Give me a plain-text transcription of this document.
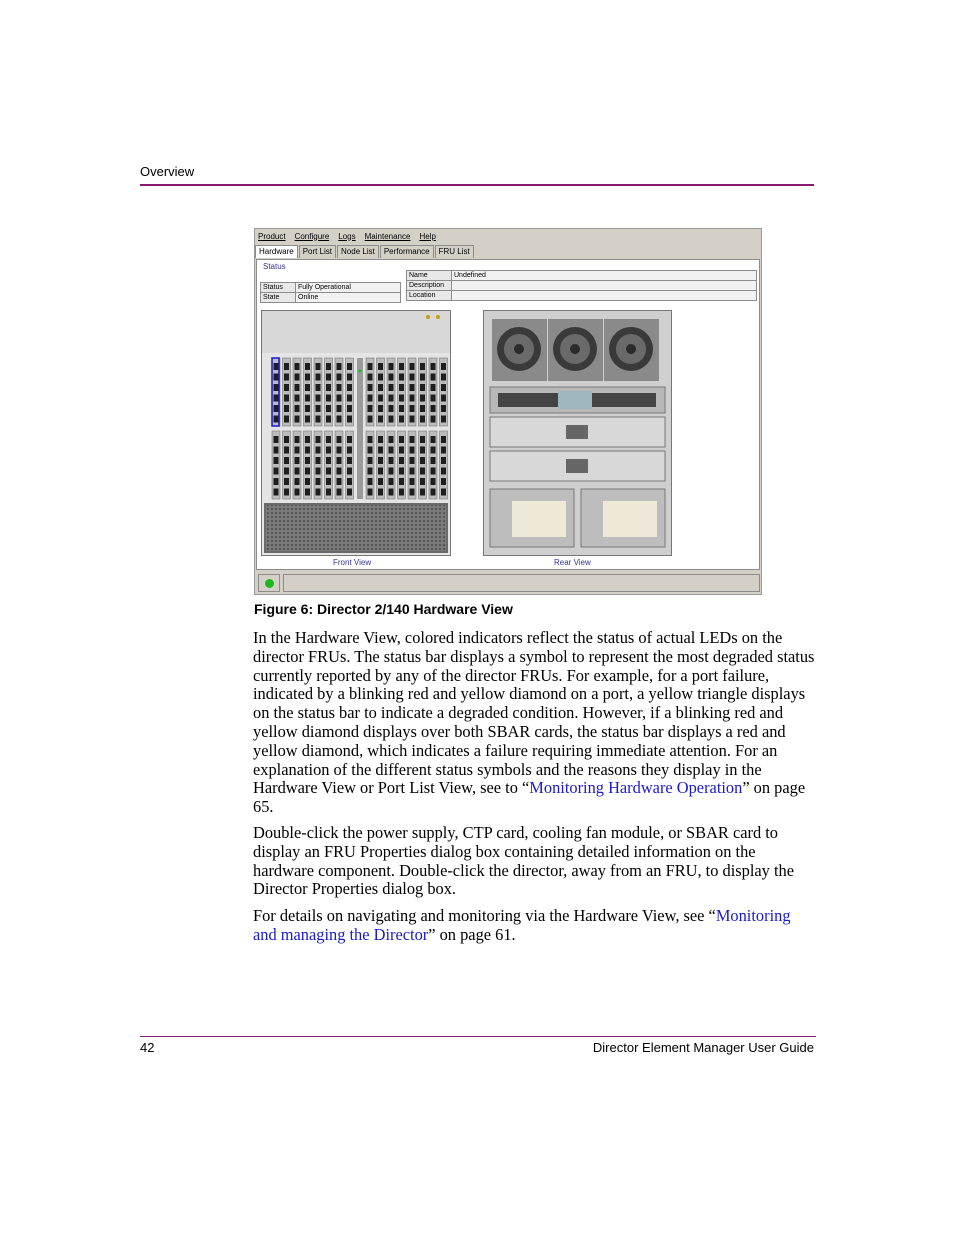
Overview
Product Configure Logs Maintenance Help
Hardware	Port List	Node List	Performance	FRU List
Status
Status	Fully Operational
State	Online
Name	Undefined
Description	
Location	
Front View	Rear View
Figure 6: Director 2/140 Hardware View

In the Hardware View, colored indicators reflect the status of actual LEDs on the director FRUs. The status bar displays a symbol to represent the most degraded status currently reported by any of the director FRUs. For example, for a port failure, indicated by a blinking red and yellow diamond on a port, a yellow triangle displays on the status bar to indicate a degraded condition. However, if a blinking red and yellow diamond displays over both SBAR cards, the status bar displays a red and yellow diamond, which indicates a failure requiring immediate attention. For an explanation of the different status symbols and the reasons they display in the Hardware View or Port List View, see to “Monitoring Hardware Operation” on page 65.

Double-click the power supply, CTP card, cooling fan module, or SBAR card to display an FRU Properties dialog box containing detailed information on the hardware component. Double-click the director, away from an FRU, to display the Director Properties dialog box.

For details on navigating and monitoring via the Hardware View, see “Monitoring and managing the Director” on page 61.

42	Director Element Manager User Guide
